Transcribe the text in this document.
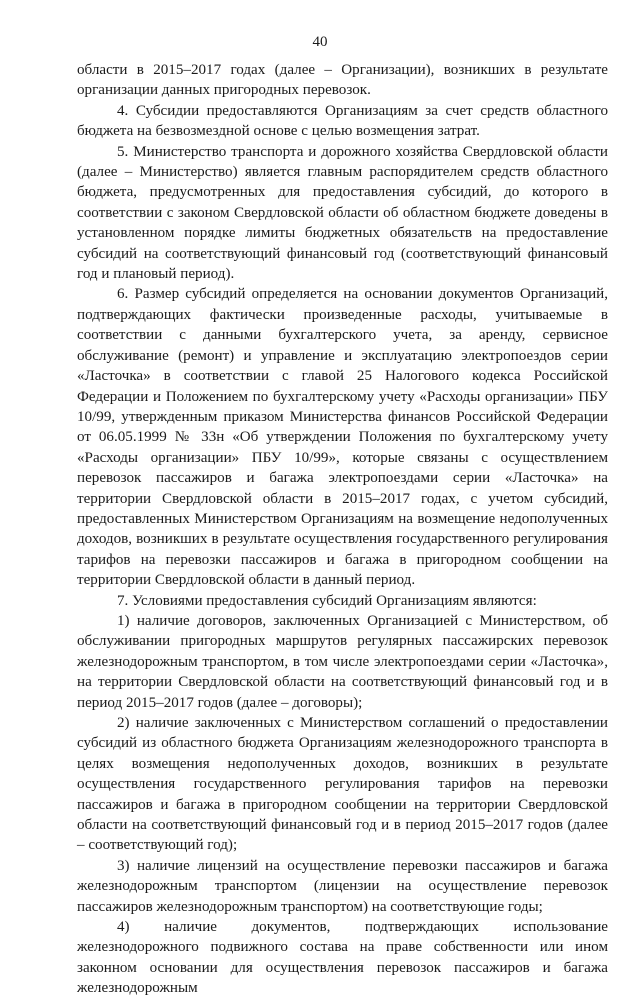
40

области в 2015–2017 годах (далее – Организации), возникших в результате организации данных пригородных перевозок.

4. Субсидии предоставляются Организациям за счет средств областного бюджета на безвозмездной основе с целью возмещения затрат.

5. Министерство транспорта и дорожного хозяйства Свердловской области (далее – Министерство) является главным распорядителем средств областного бюджета, предусмотренных для предоставления субсидий, до которого в соответствии с законом Свердловской области об областном бюджете доведены в установленном порядке лимиты бюджетных обязательств на предоставление субсидий на соответствующий финансовый год (соответствующий финансовый год и плановый период).

6. Размер субсидий определяется на основании документов Организаций, подтверждающих фактически произведенные расходы, учитываемые в соответствии с данными бухгалтерского учета, за аренду, сервисное обслуживание (ремонт) и управление и эксплуатацию электропоездов серии «Ласточка» в соответствии с главой 25 Налогового кодекса Российской Федерации и Положением по бухгалтерскому учету «Расходы организации» ПБУ 10/99, утвержденным приказом Министерства финансов Российской Федерации от 06.05.1999 № 33н «Об утверждении Положения по бухгалтерскому учету «Расходы организации» ПБУ 10/99», которые связаны с осуществлением перевозок пассажиров и багажа электропоездами серии «Ласточка» на территории Свердловской области в 2015–2017 годах, с учетом субсидий, предоставленных Министерством Организациям на возмещение недополученных доходов, возникших в результате осуществления государственного регулирования тарифов на перевозки пассажиров и багажа в пригородном сообщении на территории Свердловской области в данный период.

7. Условиями предоставления субсидий Организациям являются:

1) наличие договоров, заключенных Организацией с Министерством, об обслуживании пригородных маршрутов регулярных пассажирских перевозок железнодорожным транспортом, в том числе электропоездами серии «Ласточка», на территории Свердловской области на соответствующий финансовый год и в период 2015–2017 годов (далее – договоры);

2) наличие заключенных с Министерством соглашений о предоставлении субсидий из областного бюджета Организациям железнодорожного транспорта в целях возмещения недополученных доходов, возникших в результате осуществления государственного регулирования тарифов на перевозки пассажиров и багажа в пригородном сообщении на территории Свердловской области на соответствующий финансовый год и в период 2015–2017 годов (далее – соответствующий год);

3) наличие лицензий на осуществление перевозки пассажиров и багажа железнодорожным транспортом (лицензии на осуществление перевозок пассажиров железнодорожным транспортом) на соответствующие годы;

4) наличие документов, подтверждающих использование железнодорожного подвижного состава на праве собственности или ином законном основании для осуществления перевозок пассажиров и багажа железнодорожным
